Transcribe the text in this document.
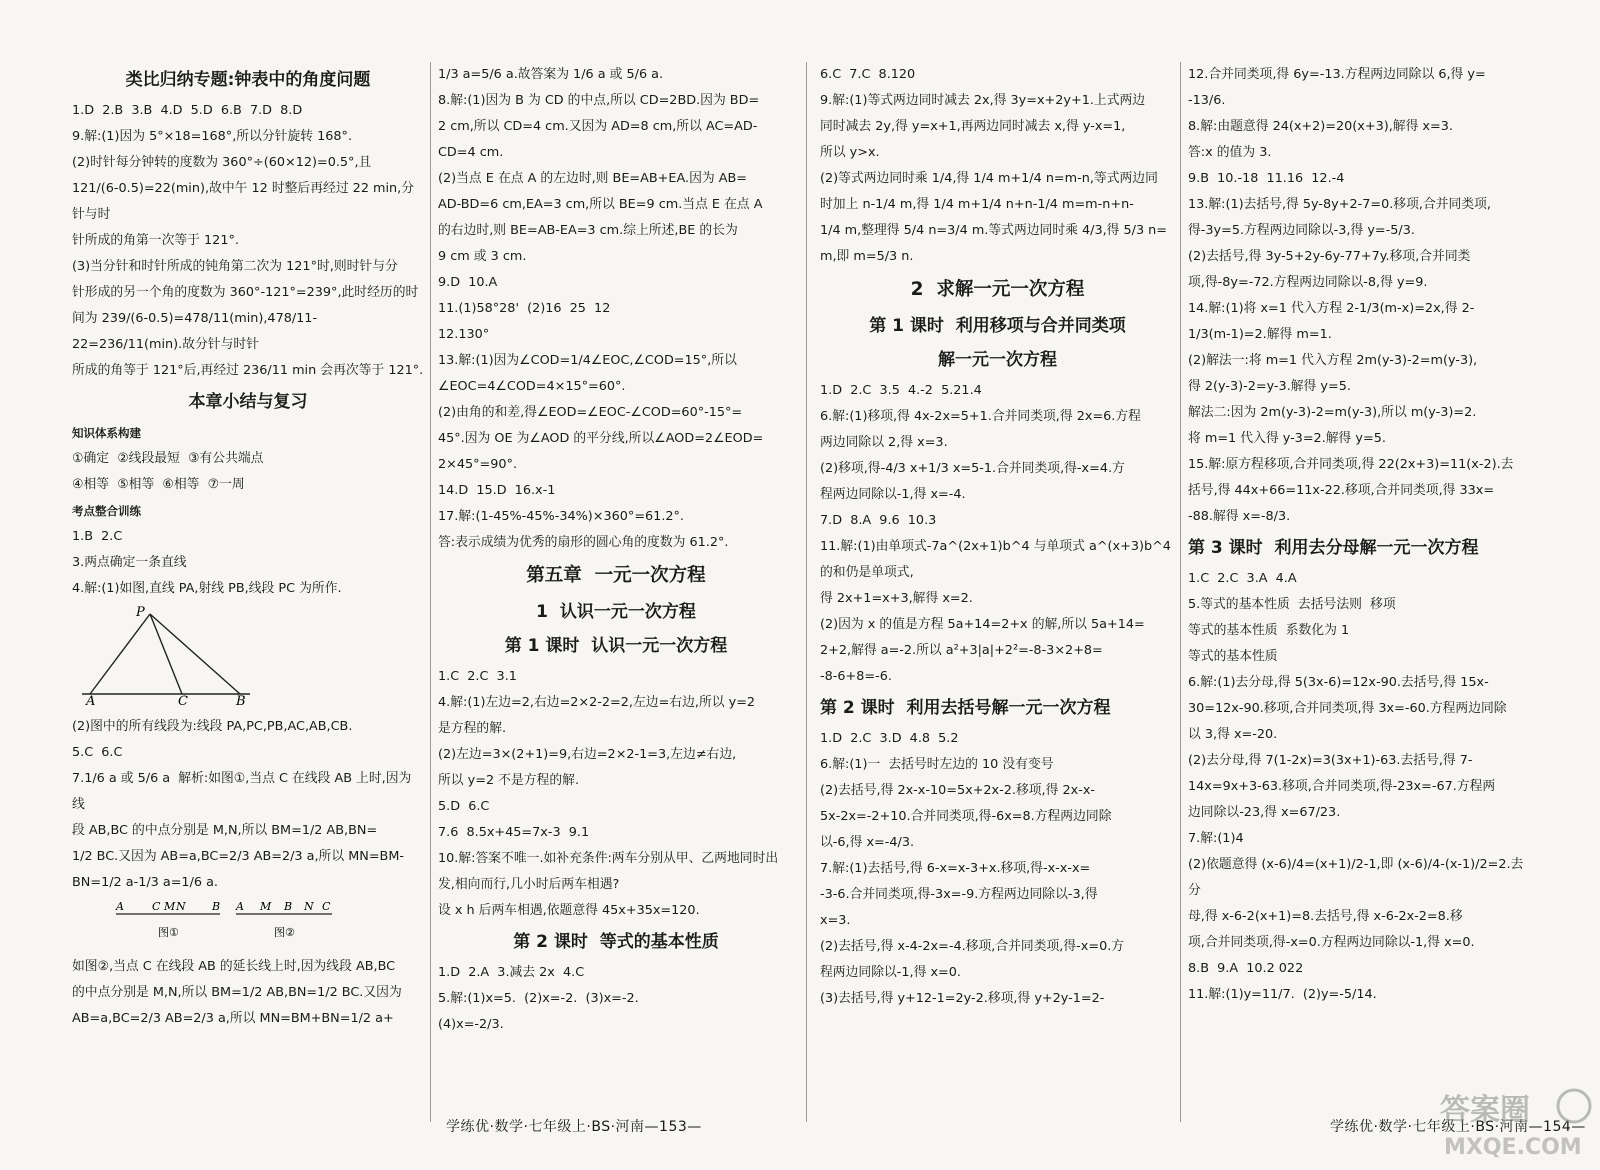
类比归纳专题:钟表中的角度问题

1.D  2.B  3.B  4.D  5.D  6.B  7.D  8.D

9.解:(1)因为 5°×18=168°,所以分针旋转 168°.

(2)时针每分钟转的度数为 360°÷(60×12)=0.5°,且

121/(6-0.5)=22(min),故中午 12 时整后再经过 22 min,分针与时

针所成的角第一次等于 121°.

(3)当分针和时针所成的钝角第二次为 121°时,则时针与分

针形成的另一个角的度数为 360°-121°=239°,此时经历的时

间为 239/(6-0.5)=478/11(min),478/11-22=236/11(min).故分针与时针

所成的角等于 121°后,再经过 236/11 min 会再次等于 121°.

本章小结与复习

知识体系构建

①确定  ②线段最短  ③有公共端点

④相等  ⑤相等  ⑥相等  ⑦一周

考点整合训练

1.B  2.C

3.两点确定一条直线

4.解:(1)如图,直线 PA,射线 PB,线段 PC 为所作.

P
A	C	B

(2)图中的所有线段为:线段 PA,PC,PB,AC,AB,CB.

5.C  6.C

7.1/6 a 或 5/6 a  解析:如图①,当点 C 在线段 AB 上时,因为线

段 AB,BC 的中点分别是 M,N,所以 BM=1/2 AB,BN=

1/2 BC.又因为 AB=a,BC=2/3 AB=2/3 a,所以 MN=BM-

BN=1/2 a-1/3 a=1/6 a.

A	C M N B A M B N C
图①	图②

如图②,当点 C 在线段 AB 的延长线上时,因为线段 AB,BC

的中点分别是 M,N,所以 BM=1/2 AB,BN=1/2 BC.又因为

AB=a,BC=2/3 AB=2/3 a,所以 MN=BM+BN=1/2 a+

1/3 a=5/6 a.故答案为 1/6 a 或 5/6 a.

8.解:(1)因为 B 为 CD 的中点,所以 CD=2BD.因为 BD=

2 cm,所以 CD=4 cm.又因为 AD=8 cm,所以 AC=AD-

CD=4 cm.

(2)当点 E 在点 A 的左边时,则 BE=AB+EA.因为 AB=

AD-BD=6 cm,EA=3 cm,所以 BE=9 cm.当点 E 在点 A

的右边时,则 BE=AB-EA=3 cm.综上所述,BE 的长为

9 cm 或 3 cm.

9.D  10.A

11.(1)58°28'  (2)16  25  12

12.130°

13.解:(1)因为∠COD=1/4∠EOC,∠COD=15°,所以

∠EOC=4∠COD=4×15°=60°.

(2)由角的和差,得∠EOD=∠EOC-∠COD=60°-15°=

45°.因为 OE 为∠AOD 的平分线,所以∠AOD=2∠EOD=

2×45°=90°.

14.D  15.D  16.x-1

17.解:(1-45%-45%-34%)×360°=61.2°.

答:表示成绩为优秀的扇形的圆心角的度数为 61.2°.

第五章  一元一次方程

1  认识一元一次方程

第 1 课时  认识一元一次方程

1.C  2.C  3.1

4.解:(1)左边=2,右边=2×2-2=2,左边=右边,所以 y=2

是方程的解.

(2)左边=3×(2+1)=9,右边=2×2-1=3,左边≠右边,

所以 y=2 不是方程的解.

5.D  6.C

7.6  8.5x+45=7x-3  9.1

10.解:答案不唯一.如补充条件:两车分别从甲、乙两地同时出

发,相向而行,几小时后两车相遇?

设 x h 后两车相遇,依题意得 45x+35x=120.

第 2 课时  等式的基本性质

1.D  2.A  3.减去 2x  4.C

5.解:(1)x=5.  (2)x=-2.  (3)x=-2.

(4)x=-2/3.

6.C  7.C  8.120

9.解:(1)等式两边同时减去 2x,得 3y=x+2y+1.上式两边

同时减去 2y,得 y=x+1,再两边同时减去 x,得 y-x=1,

所以 y>x.

(2)等式两边同时乘 1/4,得 1/4 m+1/4 n=m-n,等式两边同

时加上 n-1/4 m,得 1/4 m+1/4 n+n-1/4 m=m-n+n-

1/4 m,整理得 5/4 n=3/4 m.等式两边同时乘 4/3,得 5/3 n=

m,即 m=5/3 n.

2  求解一元一次方程

第 1 课时  利用移项与合并同类项

解一元一次方程

1.D  2.C  3.5  4.-2  5.21.4

6.解:(1)移项,得 4x-2x=5+1.合并同类项,得 2x=6.方程

两边同除以 2,得 x=3.

(2)移项,得-4/3 x+1/3 x=5-1.合并同类项,得-x=4.方

程两边同除以-1,得 x=-4.

7.D  8.A  9.6  10.3

11.解:(1)由单项式-7a^(2x+1)b^4 与单项式 a^(x+3)b^4 的和仍是单项式,

得 2x+1=x+3,解得 x=2.

(2)因为 x 的值是方程 5a+14=2+x 的解,所以 5a+14=

2+2,解得 a=-2.所以 a²+3|a|+2²=-8-3×2+8=

-8-6+8=-6.

第 2 课时  利用去括号解一元一次方程

1.D  2.C  3.D  4.8  5.2

6.解:(1)一  去括号时左边的 10 没有变号

(2)去括号,得 2x-x-10=5x+2x-2.移项,得 2x-x-

5x-2x=-2+10.合并同类项,得-6x=8.方程两边同除

以-6,得 x=-4/3.

7.解:(1)去括号,得 6-x=x-3+x.移项,得-x-x-x=

-3-6.合并同类项,得-3x=-9.方程两边同除以-3,得

x=3.

(2)去括号,得 x-4-2x=-4.移项,合并同类项,得-x=0.方

程两边同除以-1,得 x=0.

(3)去括号,得 y+12-1=2y-2.移项,得 y+2y-1=2-

12.合并同类项,得 6y=-13.方程两边同除以 6,得 y=

-13/6.

8.解:由题意得 24(x+2)=20(x+3),解得 x=3.

答:x 的值为 3.

9.B  10.-18  11.16  12.-4

13.解:(1)去括号,得 5y-8y+2-7=0.移项,合并同类项,

得-3y=5.方程两边同除以-3,得 y=-5/3.

(2)去括号,得 3y-5+2y-6y-77+7y.移项,合并同类

项,得-8y=-72.方程两边同除以-8,得 y=9.

14.解:(1)将 x=1 代入方程 2-1/3(m-x)=2x,得 2-

1/3(m-1)=2.解得 m=1.

(2)解法一:将 m=1 代入方程 2m(y-3)-2=m(y-3),

得 2(y-3)-2=y-3.解得 y=5.

解法二:因为 2m(y-3)-2=m(y-3),所以 m(y-3)=2.

将 m=1 代入得 y-3=2.解得 y=5.

15.解:原方程移项,合并同类项,得 22(2x+3)=11(x-2).去

括号,得 44x+66=11x-22.移项,合并同类项,得 33x=

-88.解得 x=-8/3.

第 3 课时  利用去分母解一元一次方程

1.C  2.C  3.A  4.A

5.等式的基本性质  去括号法则  移项

等式的基本性质  系数化为 1

等式的基本性质

6.解:(1)去分母,得 5(3x-6)=12x-90.去括号,得 15x-

30=12x-90.移项,合并同类项,得 3x=-60.方程两边同除

以 3,得 x=-20.

(2)去分母,得 7(1-2x)=3(3x+1)-63.去括号,得 7-

14x=9x+3-63.移项,合并同类项,得-23x=-67.方程两

边同除以-23,得 x=67/23.

7.解:(1)4

(2)依题意得 (x-6)/4=(x+1)/2-1,即 (x-6)/4-(x-1)/2=2.去分

母,得 x-6-2(x+1)=8.去括号,得 x-6-2x-2=8.移

项,合并同类项,得-x=0.方程两边同除以-1,得 x=0.

8.B  9.A  10.2 022

11.解:(1)y=11/7.  (2)y=-5/14.

学练优·数学·七年级上·BS·河南—153—	学练优·数学·七年级上·BS·河南—154—
答案圈
MXQE.COM
